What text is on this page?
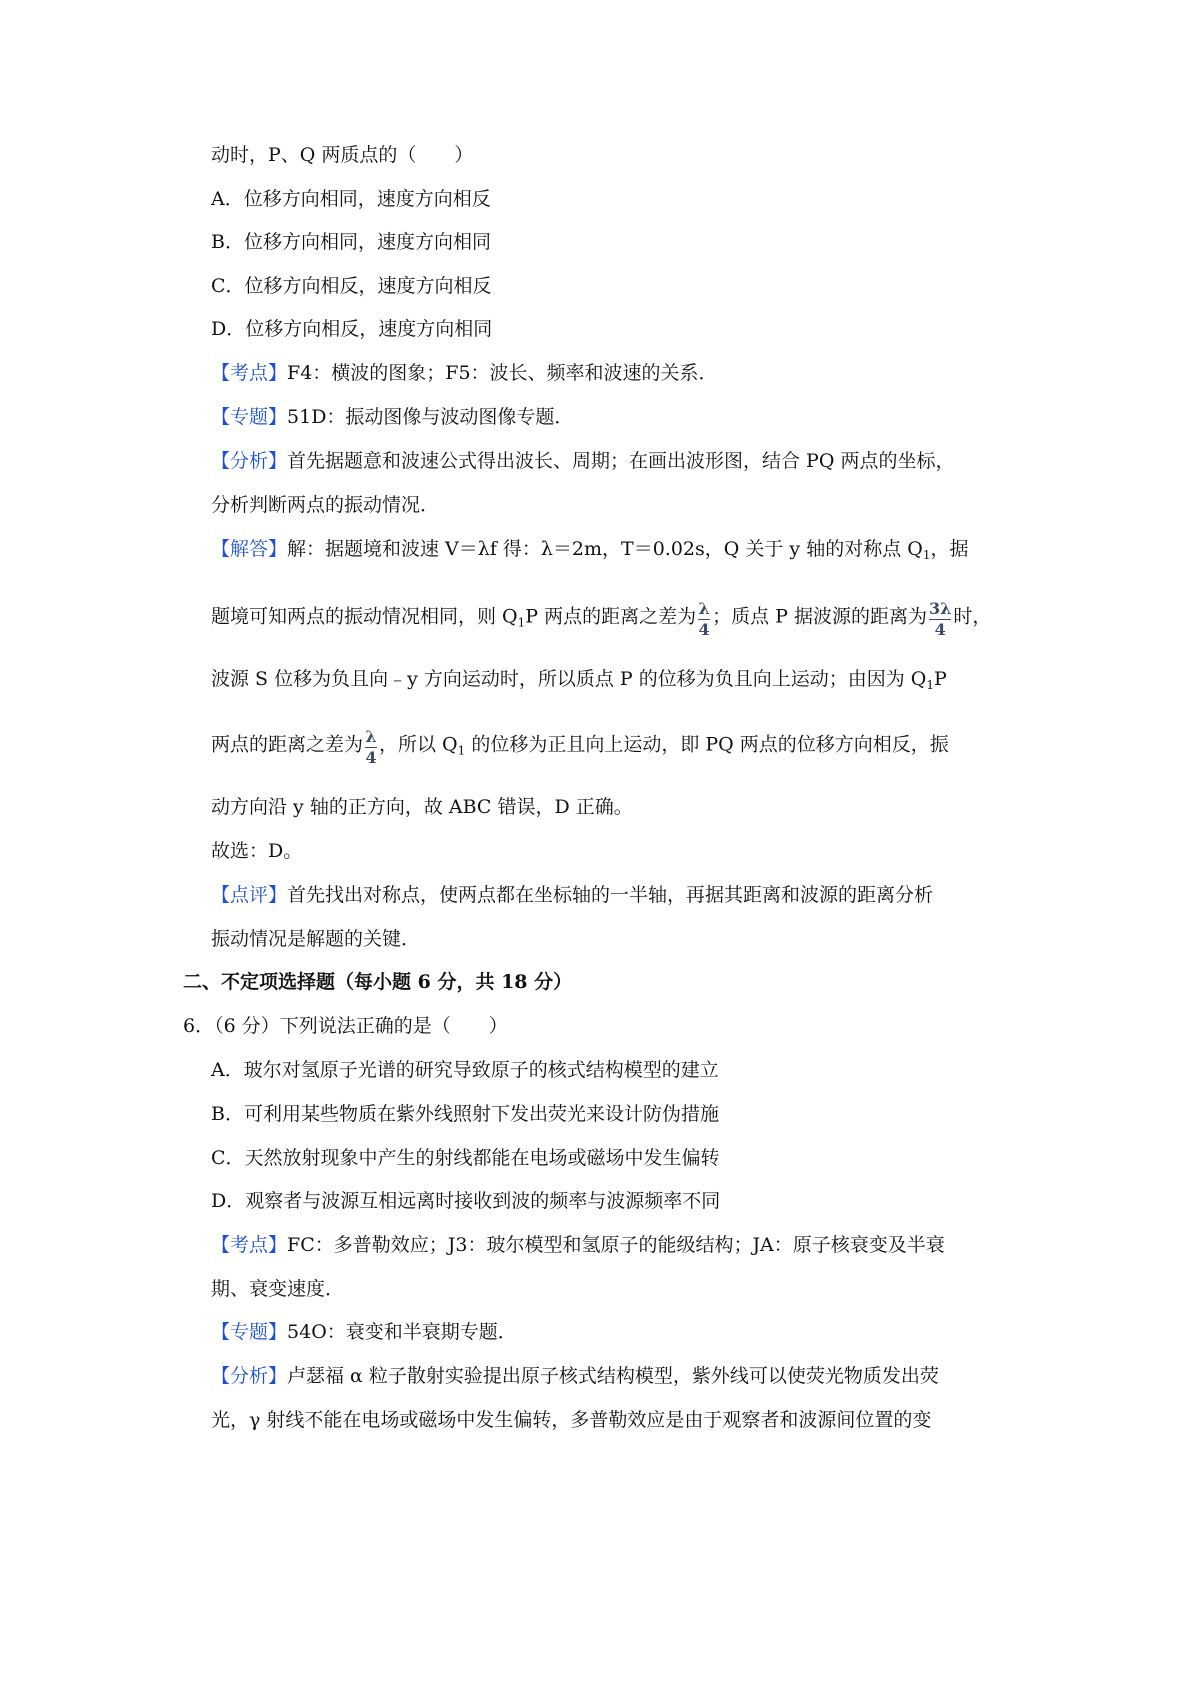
动时，P、Q 两质点的（　　）
A．位移方向相同，速度方向相反
B．位移方向相同，速度方向相同
C．位移方向相反，速度方向相反
D．位移方向相反，速度方向相同
【考点】F4：横波的图象；F5：波长、频率和波速的关系．
【专题】51D：振动图像与波动图像专题．
【分析】首先据题意和波速公式得出波长、周期；在画出波形图，结合 PQ 两点的坐标，
分析判断两点的振动情况．
【解答】解：据题境和波速 V＝λf 得：λ＝2m，T＝0.02s，Q 关于 y 轴的对称点 $Q_1$，据
题境可知两点的振动情况相同，则 $Q_1P$ 两点的距离之差为 $\frac{\lambda}{4}$ ；质点 P 据波源的距离为 $\frac{3\lambda}{4}$ 时，
波源 S 位移为负且向﹣y 方向运动时，所以质点 P 的位移为负且向上运动；由因为 $Q_1P$
两点的距离之差为 $\frac{\lambda}{4}$ ，所以 $Q_1$ 的位移为正且向上运动，即 PQ 两点的位移方向相反，振
动方向沿 y 轴的正方向，故 ABC 错误，D 正确。
故选：D。
【点评】首先找出对称点，使两点都在坐标轴的一半轴，再据其距离和波源的距离分析
振动情况是解题的关键．
二、不定项选择题（每小题 6 分，共 18 分）
6．（6 分）下列说法正确的是（　　）
A．玻尔对氢原子光谱的研究导致原子的核式结构模型的建立
B．可利用某些物质在紫外线照射下发出荧光来设计防伪措施
C．天然放射现象中产生的射线都能在电场或磁场中发生偏转
D．观察者与波源互相远离时接收到波的频率与波源频率不同
【考点】FC：多普勒效应；J3：玻尔模型和氢原子的能级结构；JA：原子核衰变及半衰
期、衰变速度．
【专题】54O：衰变和半衰期专题．
【分析】卢瑟福 α 粒子散射实验提出原子核式结构模型，紫外线可以使荧光物质发出荧
光，γ 射线不能在电场或磁场中发生偏转，多普勒效应是由于观察者和波源间位置的变
